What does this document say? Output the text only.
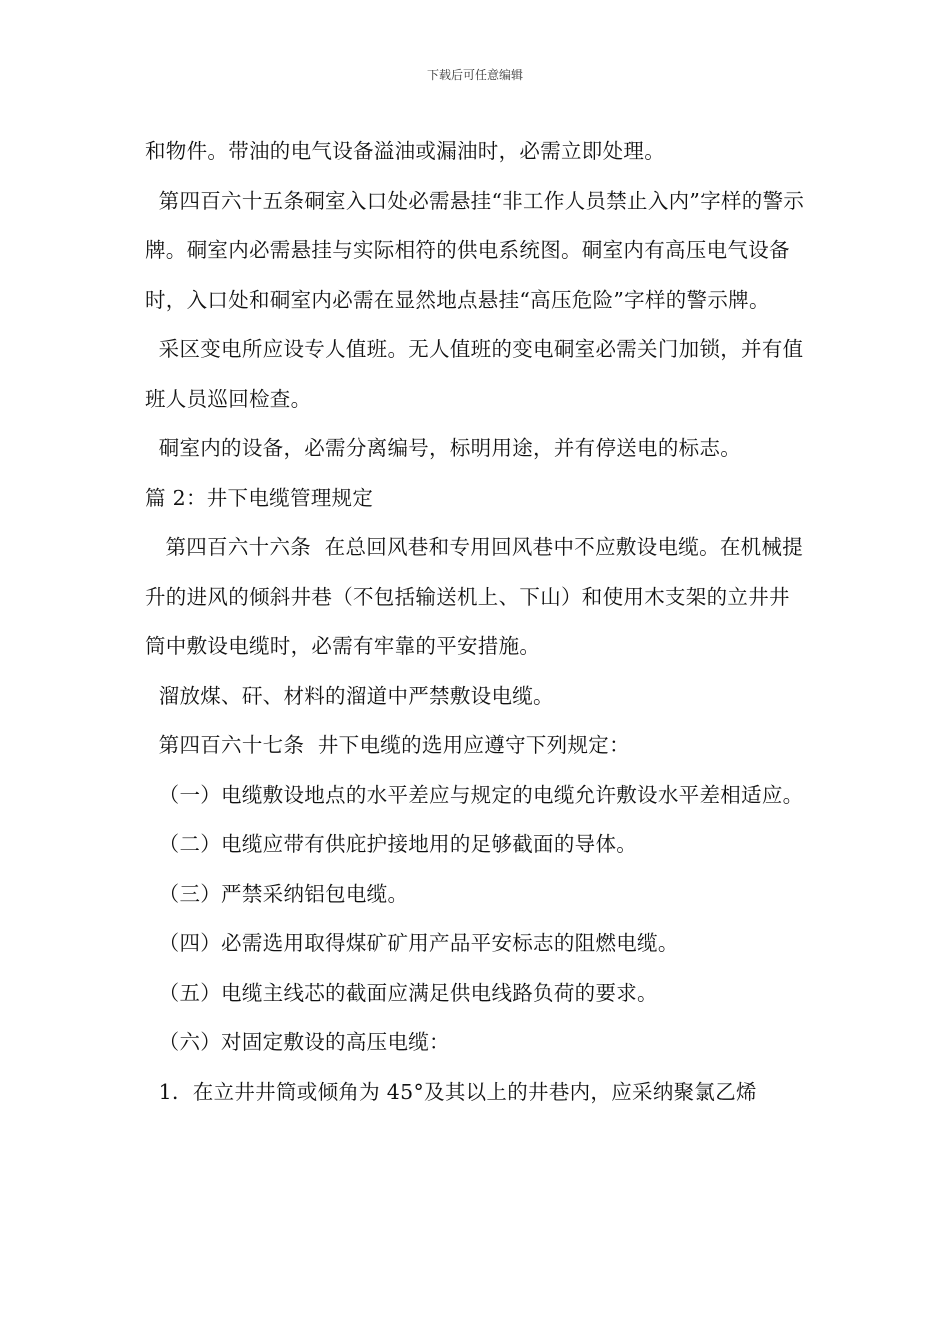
下载后可任意编辑

和物件。带油的电气设备溢油或漏油时，必需立即处理。

第四百六十五条硐室入口处必需悬挂“非工作人员禁止入内”字样的警示牌。硐室内必需悬挂与实际相符的供电系统图。硐室内有高压电气设备时，入口处和硐室内必需在显然地点悬挂“高压危险”字样的警示牌。

采区变电所应设专人值班。无人值班的变电硐室必需关门加锁，并有值班人员巡回检查。

硐室内的设备，必需分离编号，标明用途，并有停送电的标志。

篇 2：井下电缆管理规定

第四百六十六条  在总回风巷和专用回风巷中不应敷设电缆。在机械提升的进风的倾斜井巷（不包括输送机上、下山）和使用木支架的立井井筒中敷设电缆时，必需有牢靠的平安措施。

溜放煤、矸、材料的溜道中严禁敷设电缆。

第四百六十七条  井下电缆的选用应遵守下列规定：

（一）电缆敷设地点的水平差应与规定的电缆允许敷设水平差相适应。

（二）电缆应带有供庇护接地用的足够截面的导体。

（三）严禁采纳铝包电缆。

（四）必需选用取得煤矿矿用产品平安标志的阻燃电缆。

（五）电缆主线芯的截面应满足供电线路负荷的要求。

（六）对固定敷设的高压电缆：

1．在立井井筒或倾角为 45°及其以上的井巷内，应采纳聚氯乙烯
